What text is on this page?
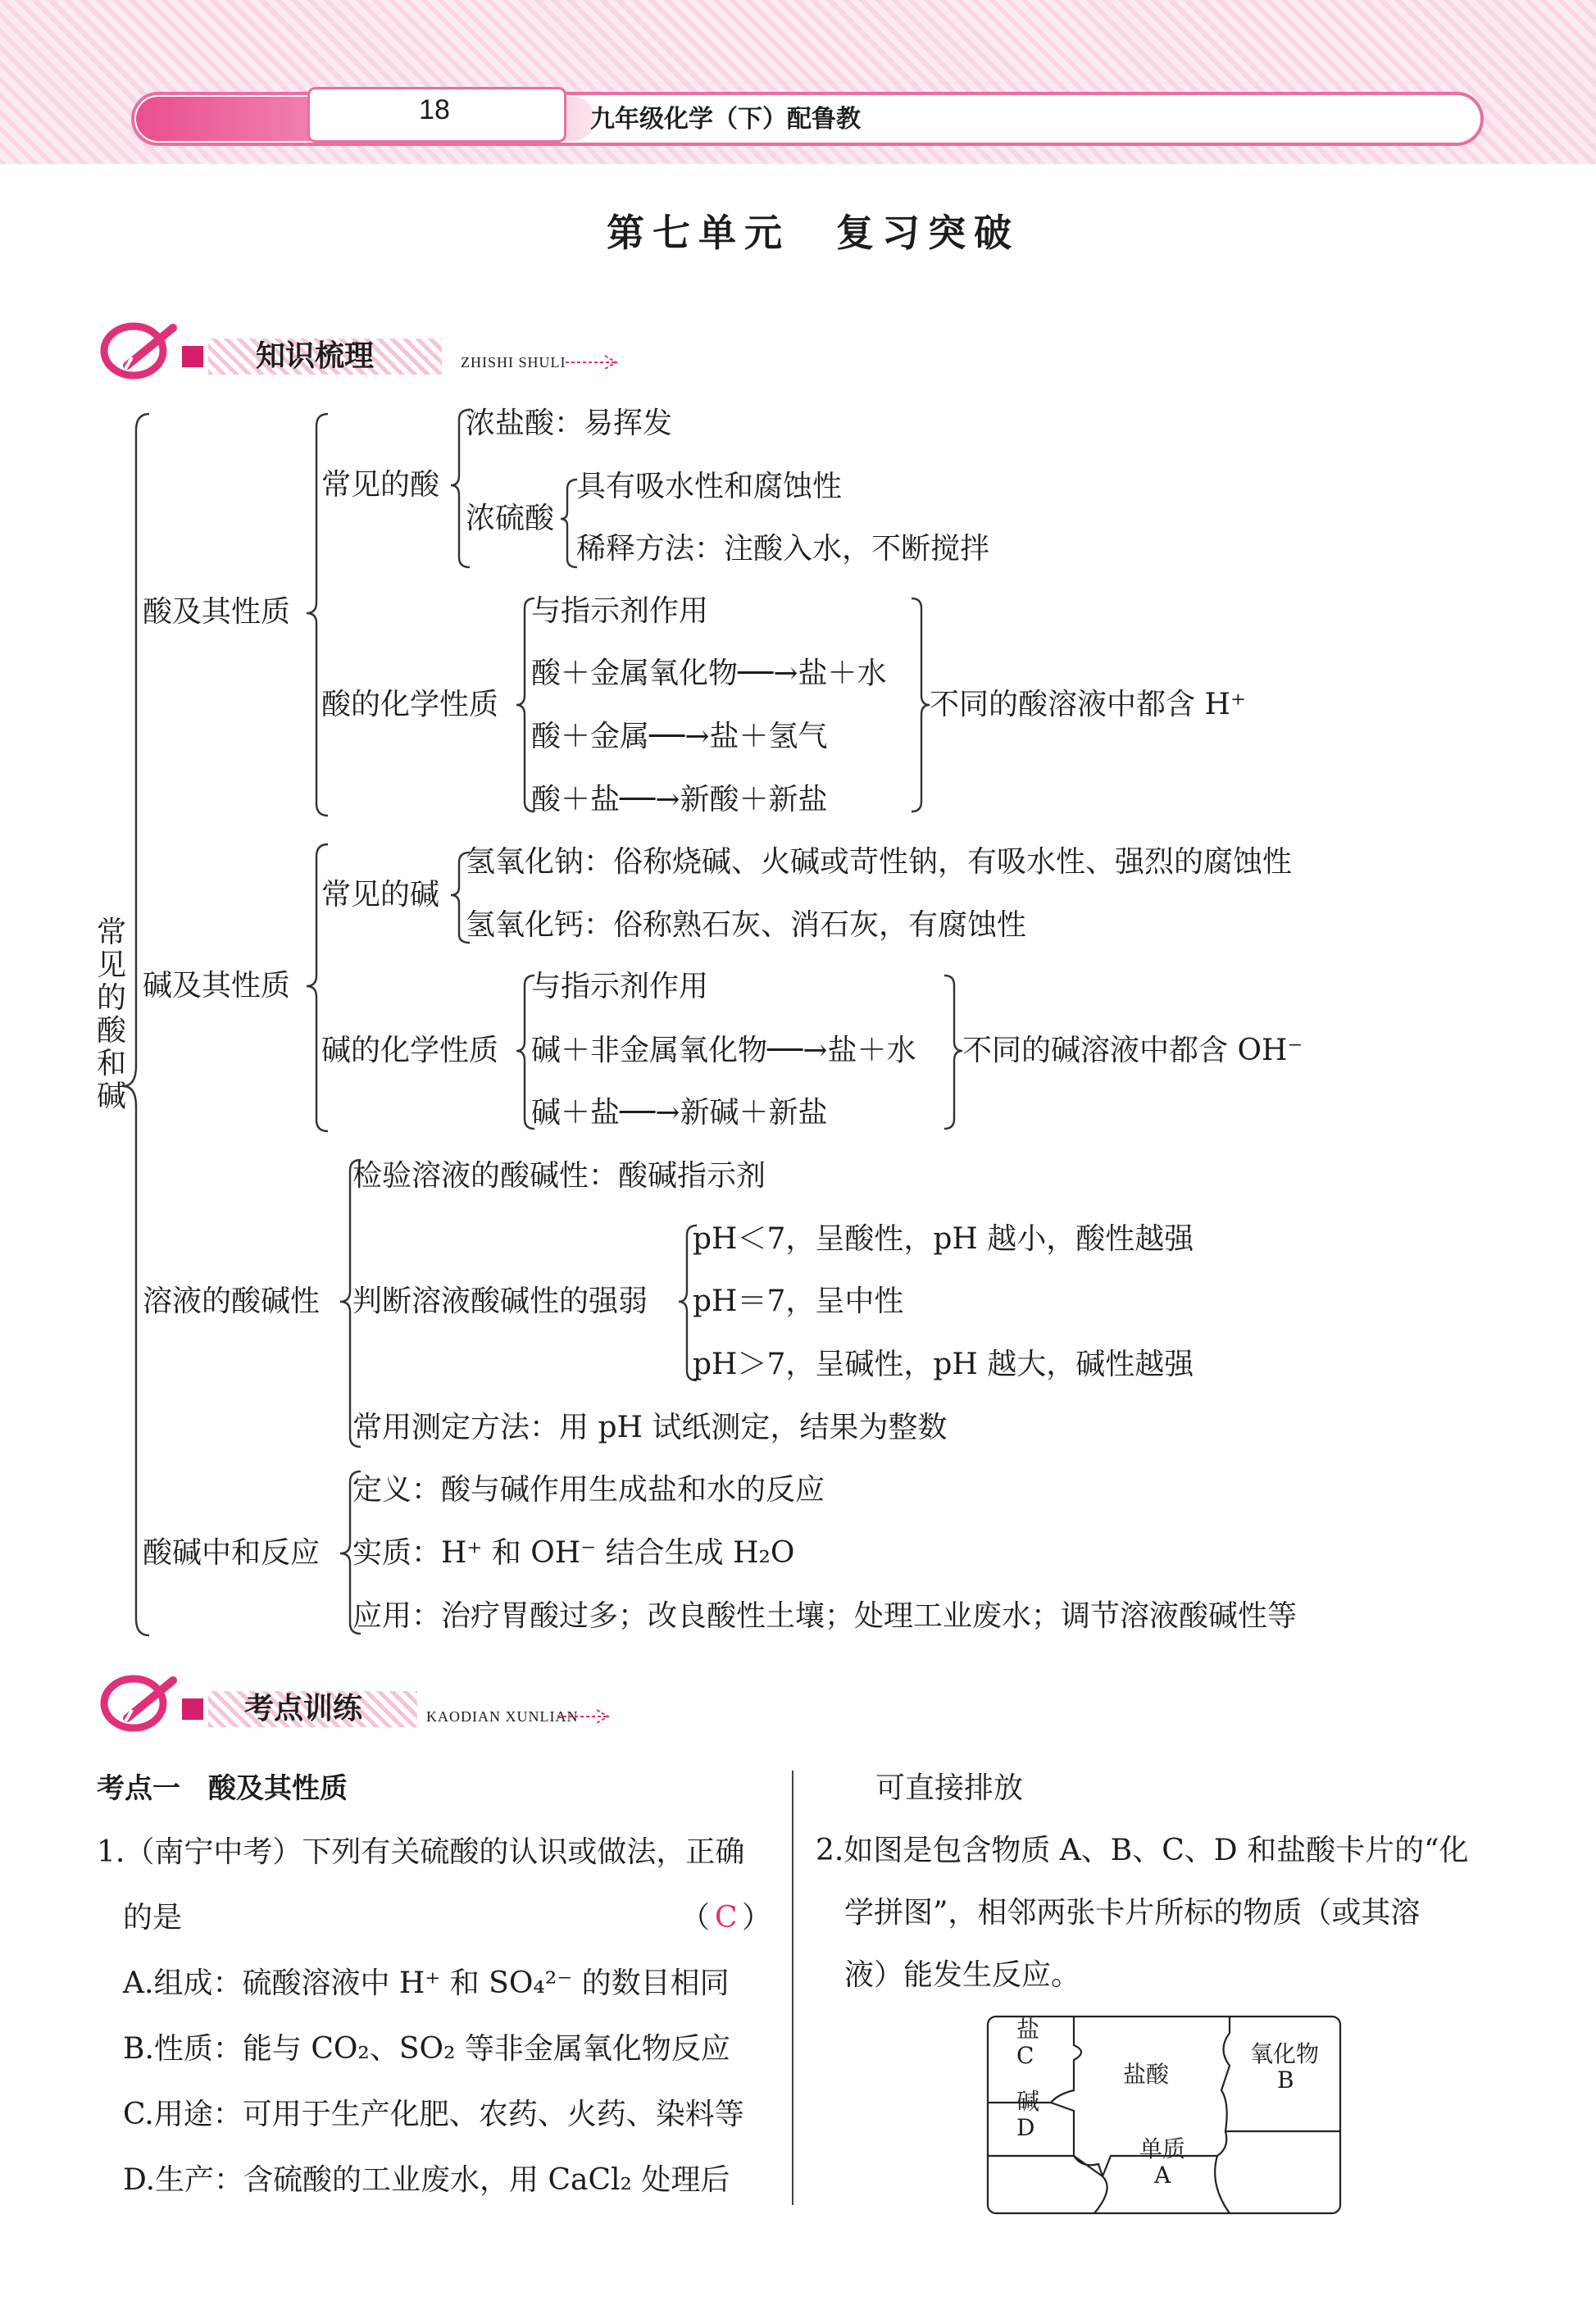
18	九年级化学（下）配鲁教
第七单元　复习突破
知识梳理	ZHISHI SHULI
常见的酸和碱
酸及其性质
常见的酸
浓盐酸：易挥发
浓硫酸
具有吸水性和腐蚀性
稀释方法：注酸入水，不断搅拌
酸的化学性质
与指示剂作用
酸＋金属氧化物──→盐＋水
酸＋金属──→盐＋氢气
酸＋盐──→新酸＋新盐
不同的酸溶液中都含 H⁺
碱及其性质
常见的碱
氢氧化钠：俗称烧碱、火碱或苛性钠，有吸水性、强烈的腐蚀性
氢氧化钙：俗称熟石灰、消石灰，有腐蚀性
碱的化学性质
与指示剂作用
碱＋非金属氧化物──→盐＋水
碱＋盐──→新碱＋新盐
不同的碱溶液中都含 OH⁻
溶液的酸碱性
检验溶液的酸碱性：酸碱指示剂
判断溶液酸碱性的强弱
pH＜7，呈酸性，pH 越小，酸性越强
pH＝7，呈中性
pH＞7，呈碱性，pH 越大，碱性越强
常用测定方法：用 pH 试纸测定，结果为整数
酸碱中和反应
定义：酸与碱作用生成盐和水的反应
实质：H⁺ 和 OH⁻ 结合生成 H₂O
应用：治疗胃酸过多；改良酸性土壤；处理工业废水；调节溶液酸碱性等
考点训练	KAODIAN XUNLIAN
考点一　酸及其性质
1.（南宁中考）下列有关硫酸的认识或做法，正确
的是	（ C ）
A.组成：硫酸溶液中 H⁺ 和 SO₄²⁻ 的数目相同
B.性质：能与 CO₂、SO₂ 等非金属氧化物反应
C.用途：可用于生产化肥、农药、火药、染料等
D.生产：含硫酸的工业废水，用 CaCl₂ 处理后
可直接排放
2.如图是包含物质 A、B、C、D 和盐酸卡片的“化
学拼图”，相邻两张卡片所标的物质（或其溶
液）能发生反应。
盐
C
盐酸
氧化物
B
碱
D
单质
A
